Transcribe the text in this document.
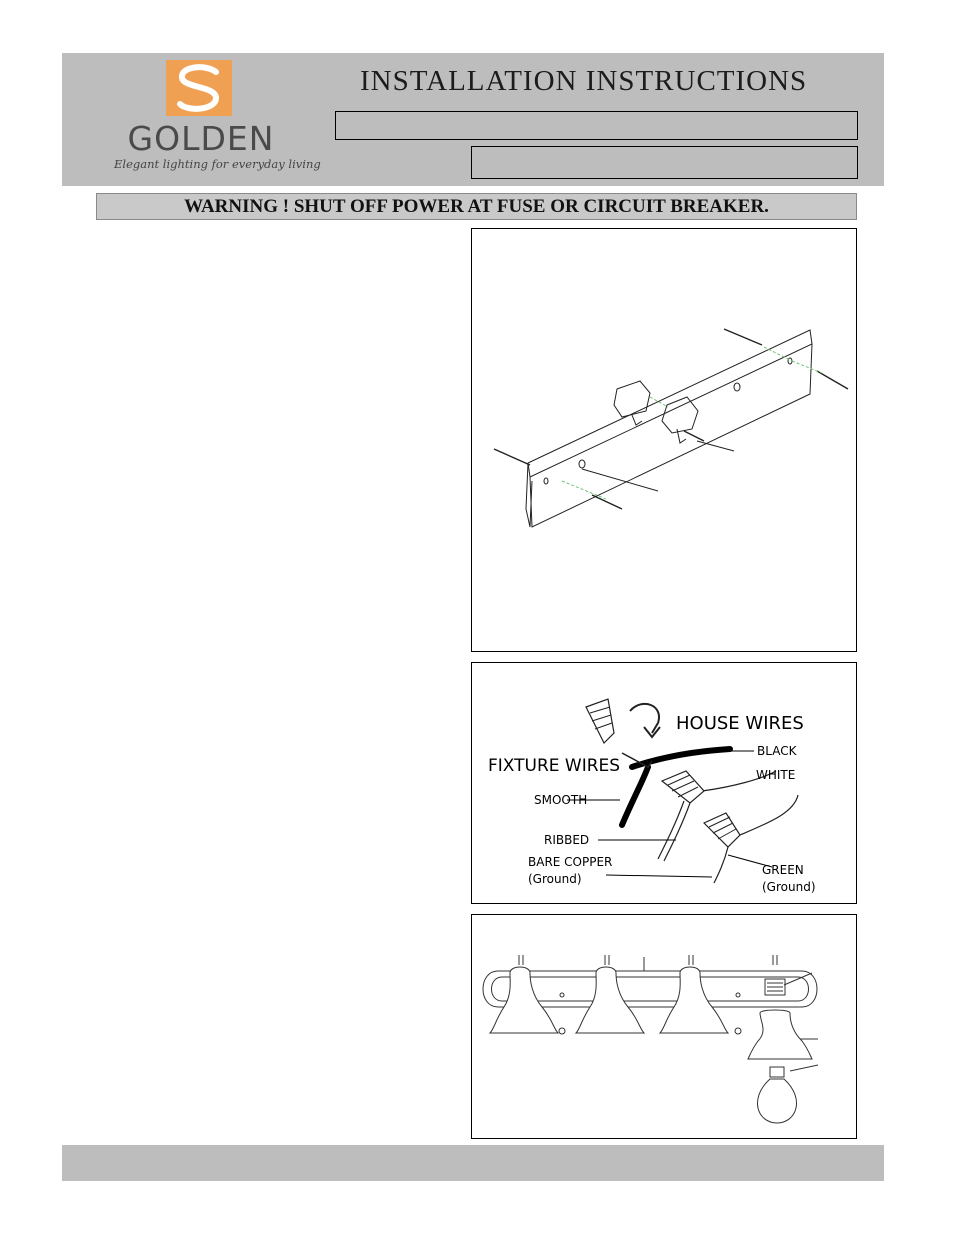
GOLDEN
Elegant lighting for everyday living
INSTALLATION INSTRUCTIONS
WARNING ! SHUT OFF POWER AT FUSE OR CIRCUIT BREAKER.
HOUSE WIRES
FIXTURE WIRES
BLACK
WHITE
SMOOTH
RIBBED
BARE COPPER
(Ground)
GREEN
(Ground)
